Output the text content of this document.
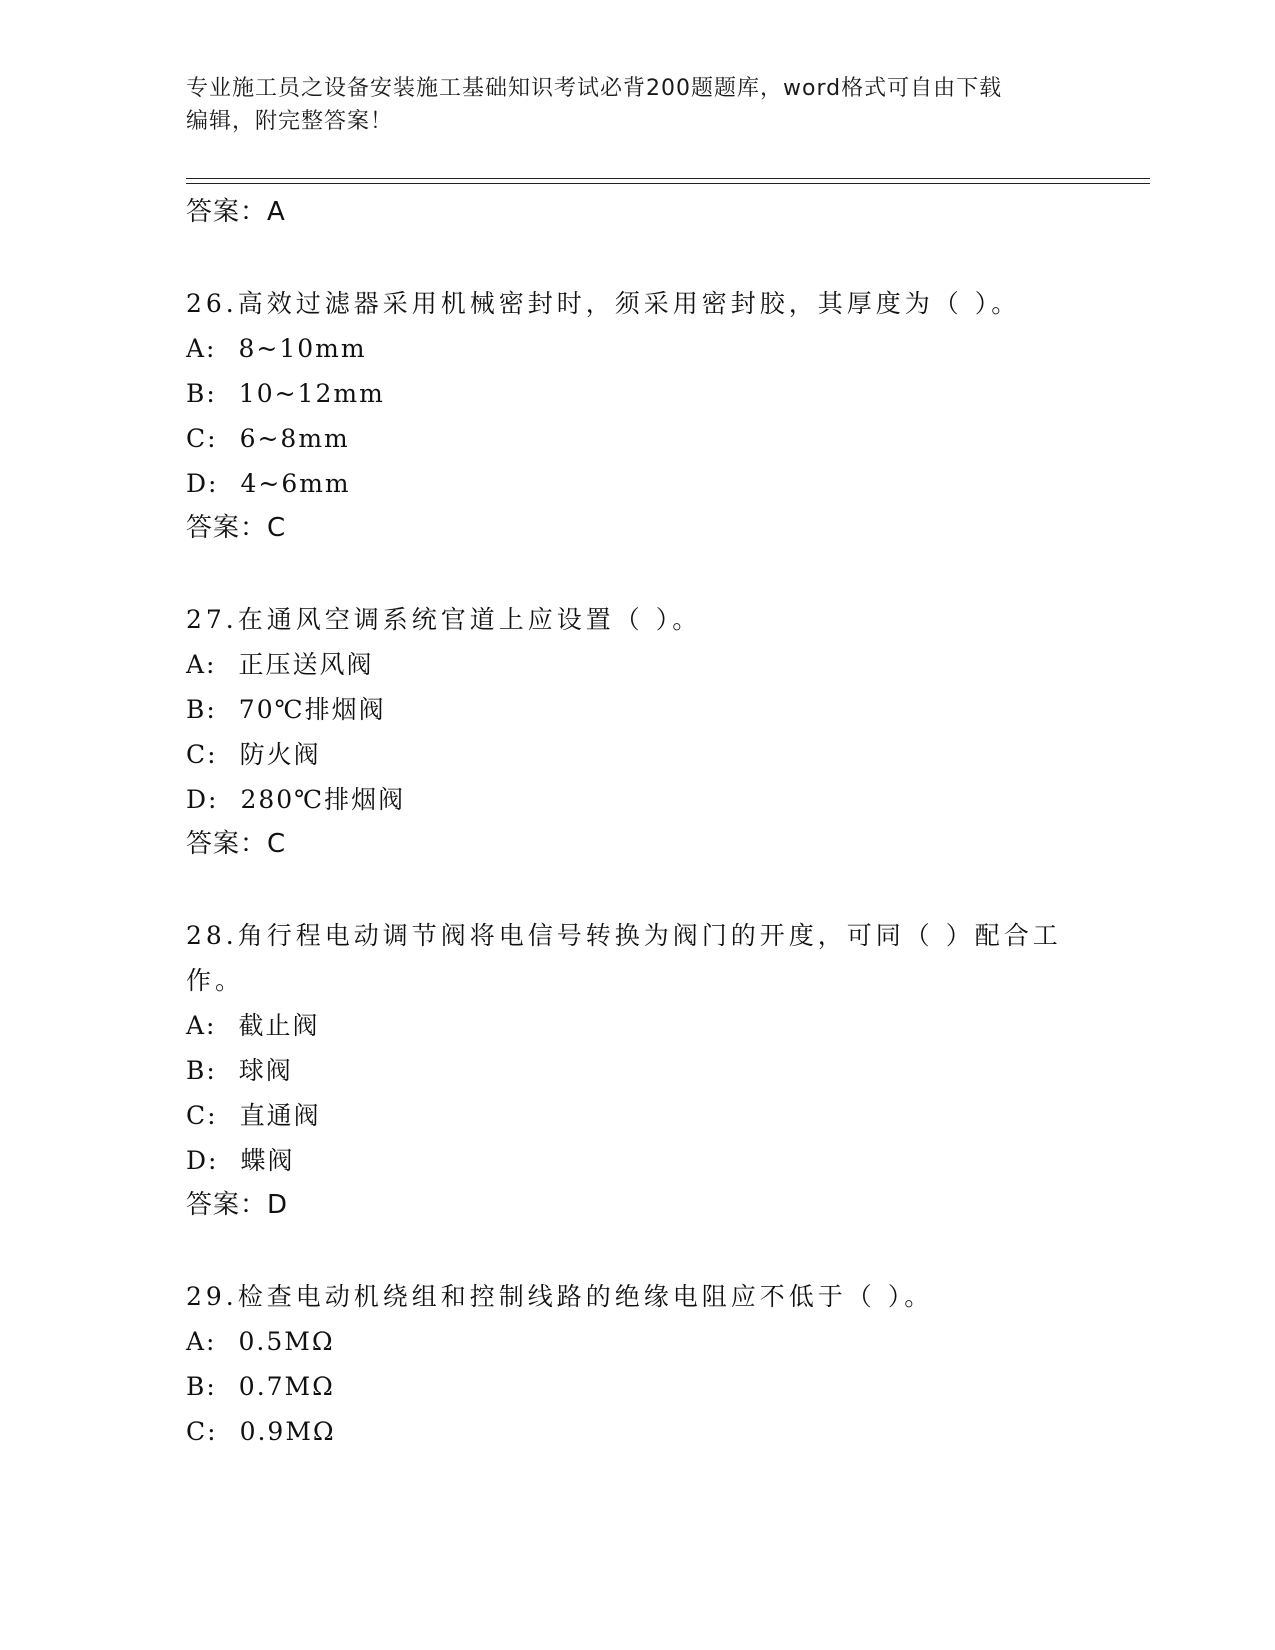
专业施工员之设备安装施工基础知识考试必背200题题库，word格式可自由下载
编辑，附完整答案！
答案：A

26.高效过滤器采用机械密封时，须采用密封胶，其厚度为（ ）。

A: 8~10mm
B: 10~12mm
C: 6~8mm
D: 4~6mm
答案：C

27.在通风空调系统官道上应设置（ ）。

A: 正压送风阀
B: 70℃排烟阀
C: 防火阀
D: 280℃排烟阀
答案：C

28.角行程电动调节阀将电信号转换为阀门的开度，可同（ ）配合工作。

A: 截止阀
B: 球阀
C: 直通阀
D: 蝶阀
答案：D

29.检查电动机绕组和控制线路的绝缘电阻应不低于（ ）。

A: 0.5MΩ
B: 0.7MΩ
C: 0.9MΩ
